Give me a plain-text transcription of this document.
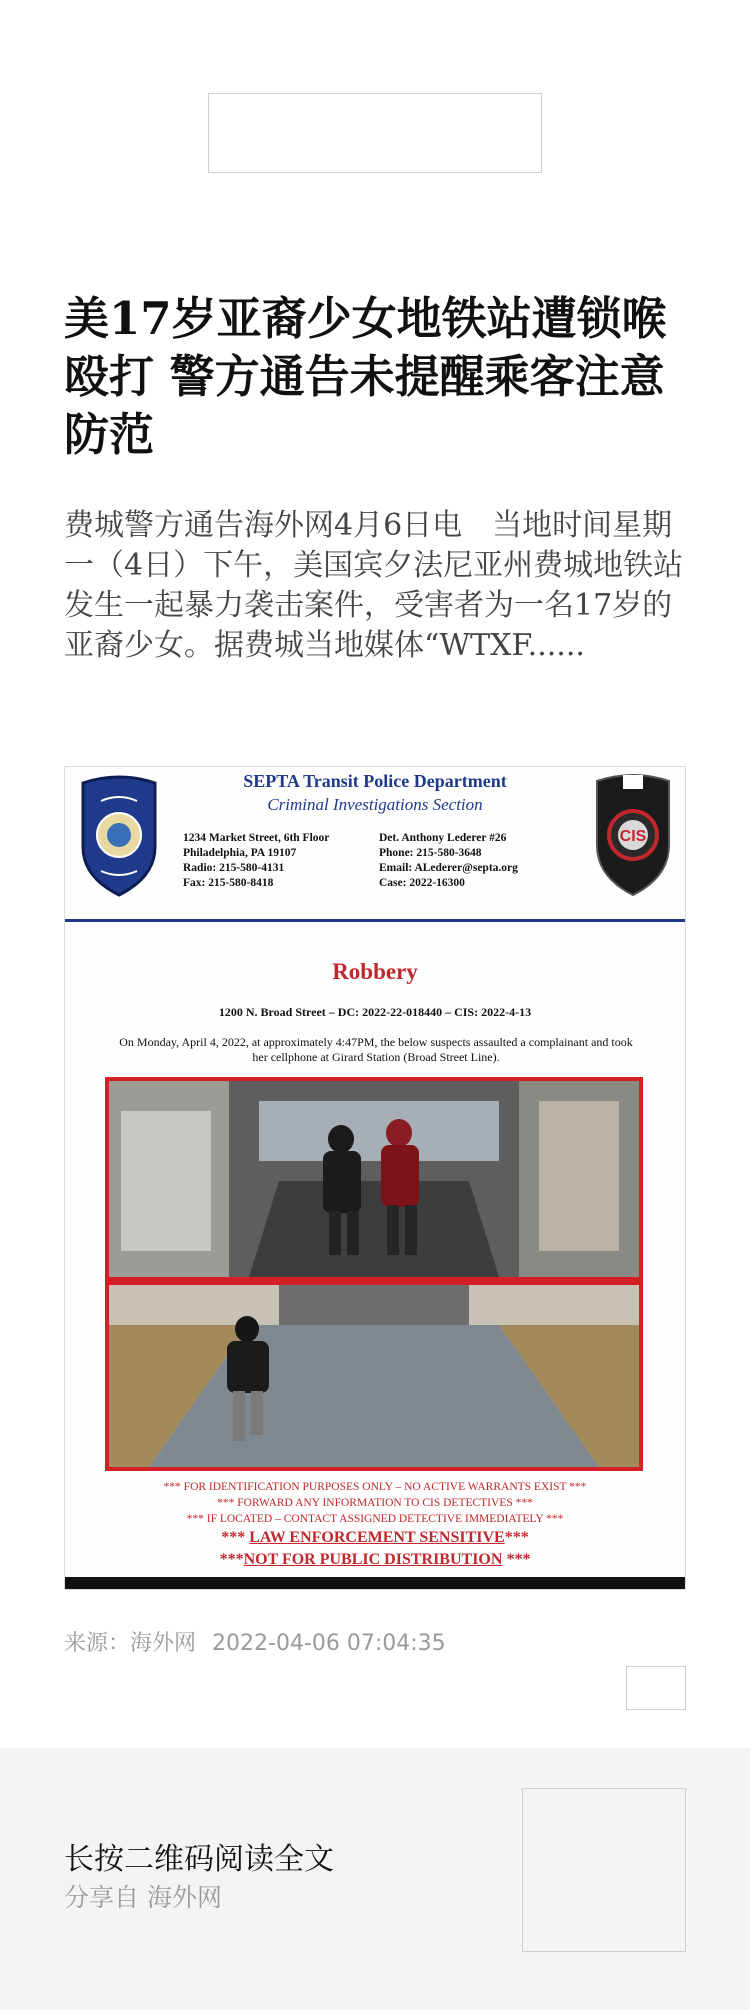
美17岁亚裔少女地铁站遭锁喉殴打 警方通告未提醒乘客注意防范
费城警方通告海外网4月6日电　当地时间星期一（4日）下午，美国宾夕法尼亚州费城地铁站发生一起暴力袭击案件，受害者为一名17岁的亚裔少女。据费城当地媒体“WTXF......
CIS
SEPTA Transit Police Department
Criminal Investigations Section
1234 Market Street, 6th Floor
Philadelphia, PA 19107
Radio: 215-580-4131
Fax: 215-580-8418
Det. Anthony Lederer #26
Phone: 215-580-3648
Email: ALederer@septa.org
Case: 2022-16300
Robbery
1200 N. Broad Street – DC: 2022-22-018440 – CIS: 2022-4-13
On Monday, April 4, 2022, at approximately 4:47PM, the below suspects assaulted a complainant and took her cellphone at Girard Station (Broad Street Line).
*** FOR IDENTIFICATION PURPOSES ONLY – NO ACTIVE WARRANTS EXIST ***
*** FORWARD ANY INFORMATION TO CIS DETECTIVES ***
*** IF LOCATED – CONTACT ASSIGNED DETECTIVE IMMEDIATELY ***
*** LAW ENFORCEMENT SENSITIVE***
***NOT FOR PUBLIC DISTRIBUTION ***
来源：海外网 2022-04-06 07:04:35
长按二维码阅读全文
分享自 海外网
